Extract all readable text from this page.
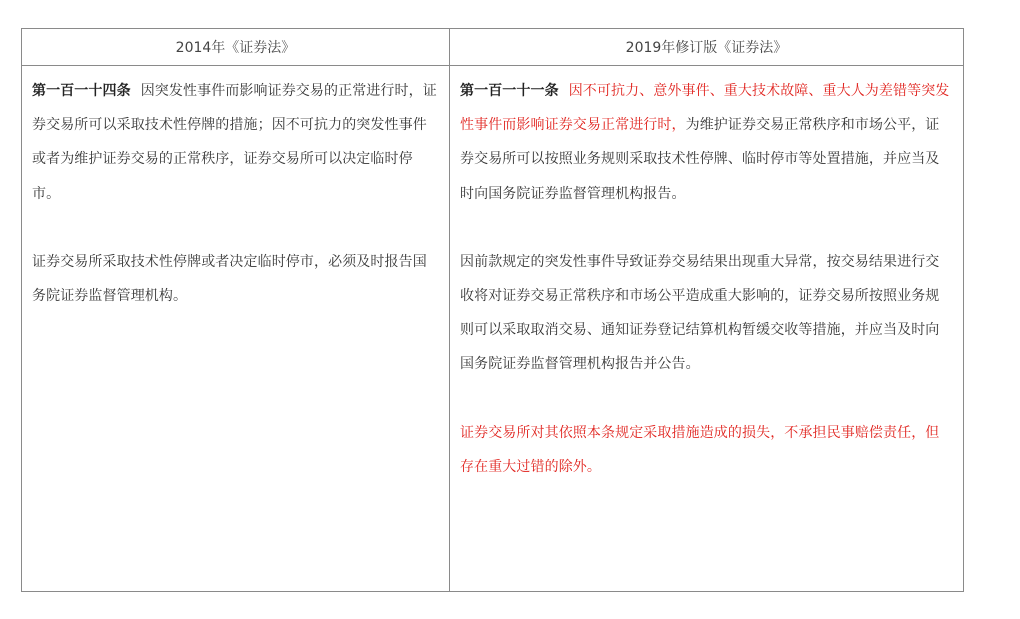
2014年《证券法》	2019年修订版《证券法》

第一百一十四条 因突发性事件而影响证券交易的正常进行时，证券交易所可以采取技术性停牌的措施；因不可抗力的突发性事件或者为维护证券交易的正常秩序，证券交易所可以决定临时停市。

证券交易所采取技术性停牌或者决定临时停市，必须及时报告国务院证券监督管理机构。

第一百一十一条 因不可抗力、意外事件、重大技术故障、重大人为差错等突发性事件而影响证券交易正常进行时，为维护证券交易正常秩序和市场公平，证券交易所可以按照业务规则采取技术性停牌、临时停市等处置措施，并应当及时向国务院证券监督管理机构报告。

因前款规定的突发性事件导致证券交易结果出现重大异常，按交易结果进行交收将对证券交易正常秩序和市场公平造成重大影响的，证券交易所按照业务规则可以采取取消交易、通知证券登记结算机构暂缓交收等措施，并应当及时向国务院证券监督管理机构报告并公告。

证券交易所对其依照本条规定采取措施造成的损失，不承担民事赔偿责任，但存在重大过错的除外。
